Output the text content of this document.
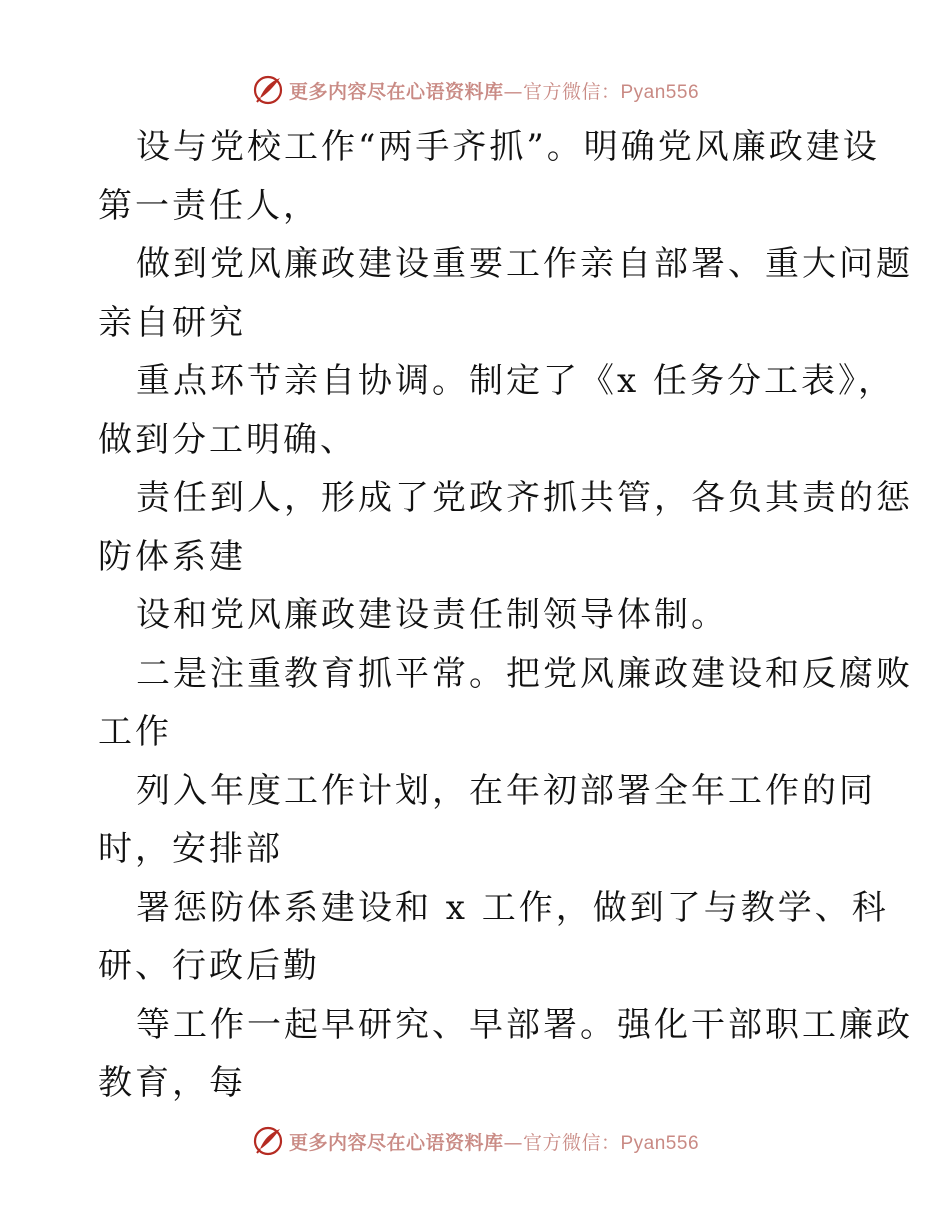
更多内容尽在心语资料库—官方微信：Pyan556
设与党校工作“两手齐抓”。明确党风廉政建设
第一责任人，
做到党风廉政建设重要工作亲自部署、重大问题
亲自研究
重点环节亲自协调。制定了《x 任务分工表》，
做到分工明确、
责任到人，形成了党政齐抓共管，各负其责的惩
防体系建
设和党风廉政建设责任制领导体制。
二是注重教育抓平常。把党风廉政建设和反腐败
工作
列入年度工作计划，在年初部署全年工作的同
时，安排部
署惩防体系建设和 x 工作，做到了与教学、科
研、行政后勤
等工作一起早研究、早部署。强化干部职工廉政
教育，每
更多内容尽在心语资料库—官方微信：Pyan556
